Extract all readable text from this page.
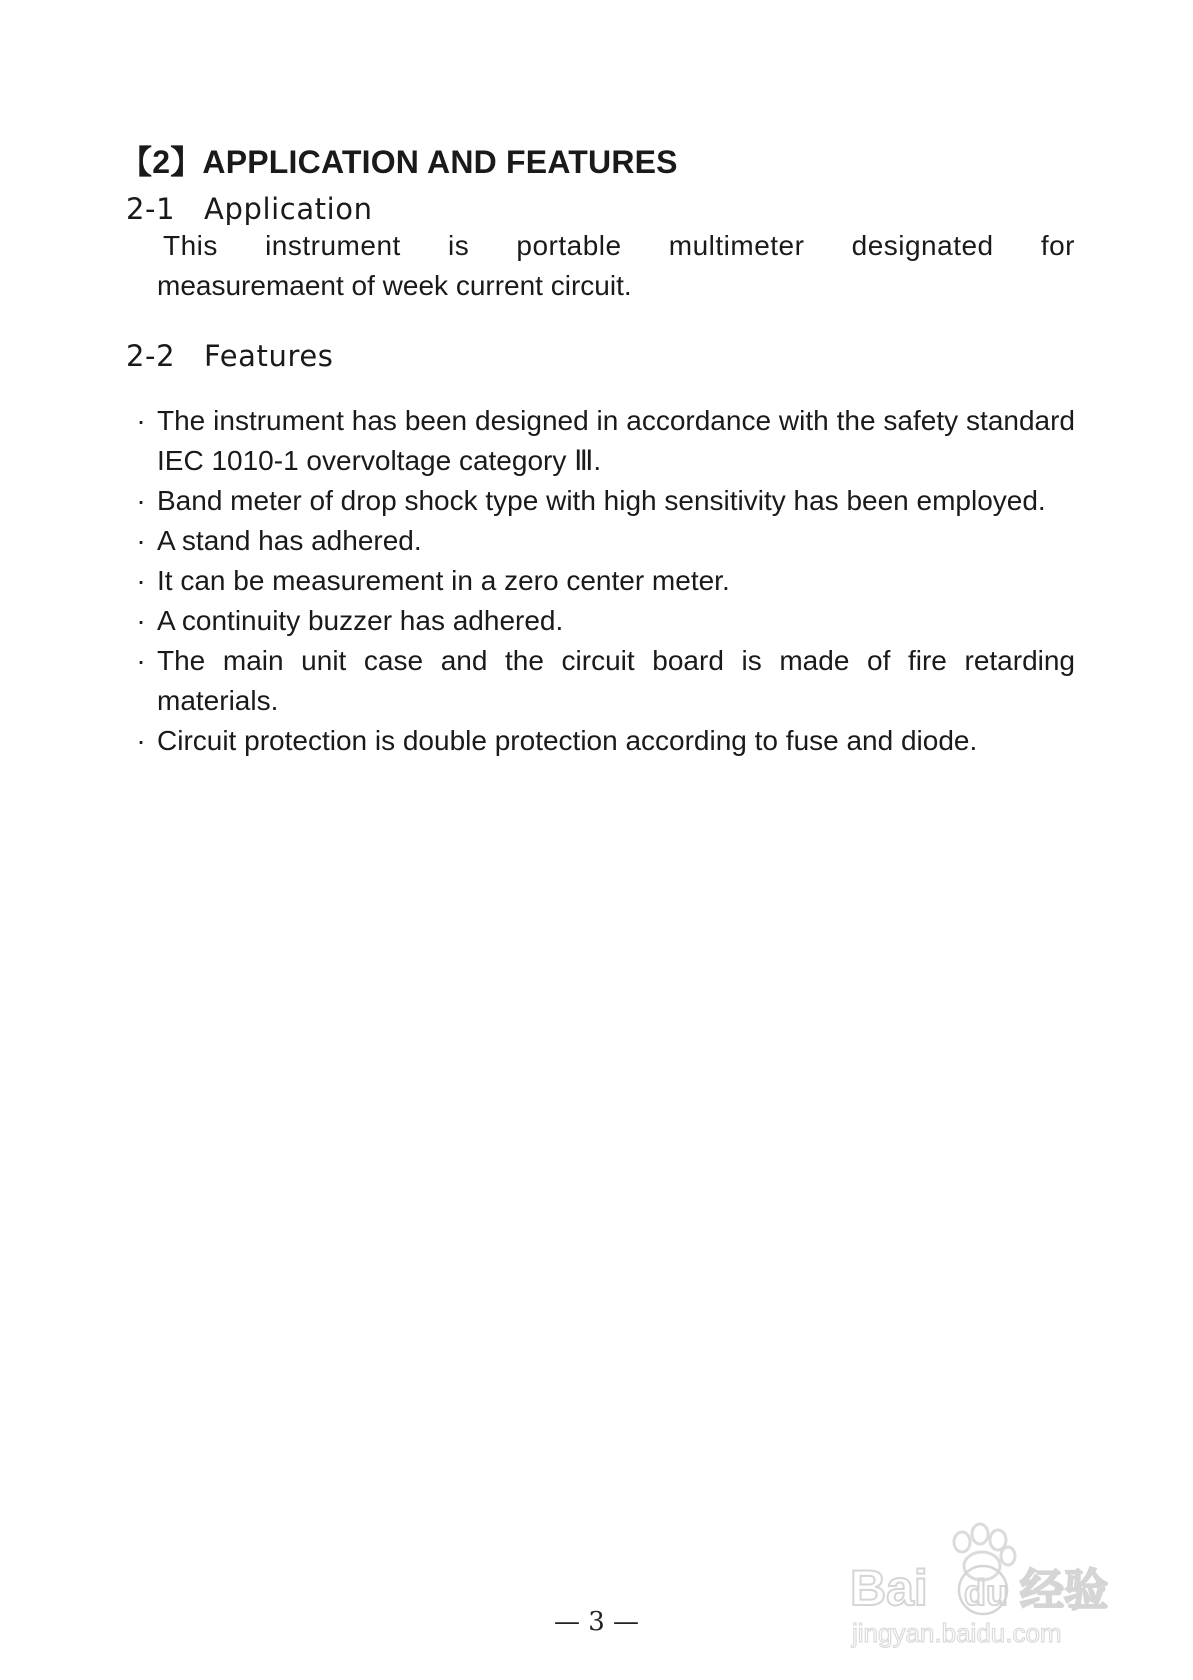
【2】APPLICATION AND FEATURES
2-1 Application
This instrument is portable multimeter designated for
measuremaent of week current circuit.
2-2 Features
· The instrument has been designed in accordance with the safety standard IEC 1010-1 overvoltage category Ⅲ.
· Band meter of drop shock type with high sensitivity has been employed.
· A stand has adhered.
· It can be measurement in a zero center meter.
· A continuity buzzer has adhered.
· The main unit case and the circuit board is made of fire retarding materials.
· Circuit protection is double protection according to fuse and diode.
— 3 —
Bai du 经验
jingyan.baidu.com
